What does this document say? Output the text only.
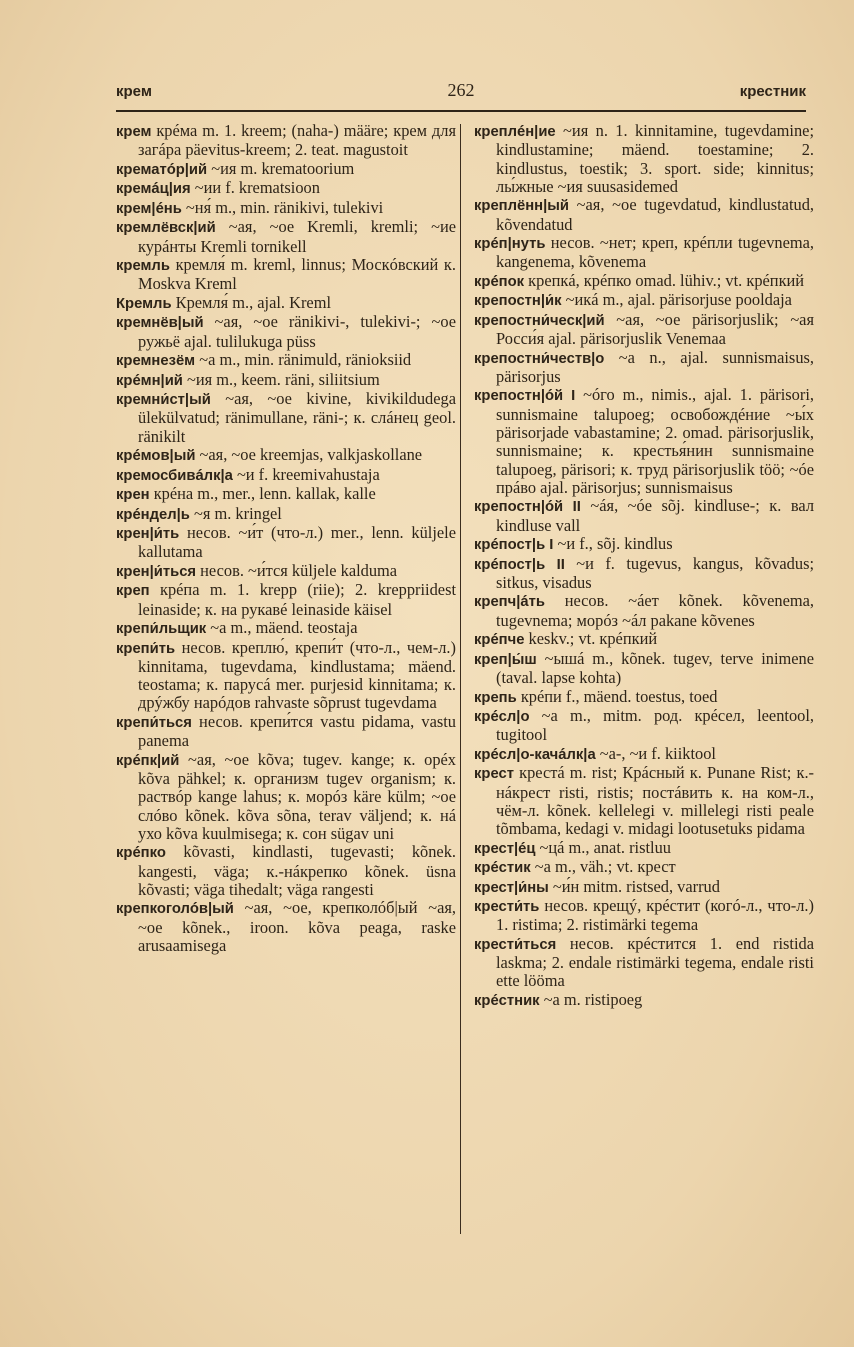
крем	262	крестник
крем крéма m. 1. kreem; (naha-) määre; крем для загáра päevitus-kreem; 2. teat. magustoit
крематóр|ий ~ия m. krematoorium
кремáц|ия ~ии f. krematsioon
крем|éнь ~ня́ m., min. ränikivi, tulekivi
кремлёвск|ий ~ая, ~ое Kremli, kremli; ~ие курáнты Kremli tornikell
кремль кремля́ m. kreml, linnus; Москóвский к. Moskva Kreml
Кремль Кремля́ m., ajal. Kreml
кремнёв|ый ~ая, ~ое ränikivi-, tulekivi-; ~ое ружьё ajal. tulilukuga püss
кремнезём ~а m., min. ränimuld, ränioksiid
крéмн|ий ~ия m., keem. räni, siliitsium
кремни́ст|ый ~ая, ~ое kivine, kivikildudega ülekülvatud; ränimullane, räni-; к. слáнец geol. ränikilt
крéмов|ый ~ая, ~ое kreemjas, valkjaskollane
кремосбивáлк|а ~и f. kreemivahustaja
крен крéна m., mer., lenn. kallak, kalle
крéндел|ь ~я m. kringel
крен|и́ть несов. ~и́т (что-л.) mer., lenn. küljele kallutama
крен|и́ться несов. ~и́тся küljele kalduma
креп крéпа m. 1. krepp (riie); 2. kreppriidest leinaside; к. на рукавé leinaside käisel
крепи́льщик ~а m., mäend. teostaja
крепи́ть несов. креплю́, крепи́т (что-л., чем-л.) kinnitama, tugevdama, kindlustama; mäend. teostama; к. парусá mer. purjesid kinnitama; к. дрýжбу нарóдов rahvaste sõprust tugevdama
крепи́ться несов. крепи́тся vastu pidama, vastu panema
крéпк|ий ~ая, ~ое kõva; tugev. kange; к. орéх kõva pähkel; к. организм tugev organism; к. раствóр kange lahus; к. морóз käre külm; ~ое слóво kõnek. kõva sõna, terav väljend; к. нá ухо kõva kuulmisega; к. сон sügav uni
крéпко kõvasti, kindlasti, tugevasti; kõnek. kangesti, väga; к.-нáкрепко kõnek. üsna kõvasti; väga tihedalt; väga rangesti
крепкоголóв|ый ~ая, ~ое, крепколóб|ый ~ая, ~ое kõnek., iroon. kõva peaga, raske arusaamisega
креплéн|ие ~ия n. 1. kinnitamine, tugevdamine; kindlustamine; mäend. toestamine; 2. kindlustus, toestik; 3. sport. side; kinnitus; лы́жные ~ия suusasidemed
креплённ|ый ~ая, ~ое tugevdatud, kindlustatud, kõvendatud
крéп|нуть несов. ~нет; креп, крéпли tugevnema, kangenema, kõvenema
крéпок крепкá, крéпко omad. lühiv.; vt. крéпкий
крепостн|и́к ~икá m., ajal. pärisorjuse pooldaja
крепостни́ческ|ий ~ая, ~ое pärisorjuslik; ~ая Росси́я ajal. pärisorjuslik Venemaa
крепостни́честв|о ~а n., ajal. sunnismaisus, pärisorjus
крепостн|óй I ~óго m., nimis., ajal. 1. pärisori, sunnismaine talupoeg; освобождéние ~ы́х pärisorjade vabastamine; 2. omad. pärisorjuslik, sunnismaine; к. крестья́нин sunnismaine talupoeg, pärisori; к. труд pärisorjuslik töö; ~óе прáво ajal. pärisorjus; sunnismaisus
крепостн|óй II ~áя, ~óе sõj. kindluse-; к. вал kindluse vall
крéпост|ь I ~и f., sõj. kindlus
крéпост|ь II ~и f. tugevus, kangus, kõvadus; sitkus, visadus
крепч|áть несов. ~áет kõnek. kõvenema, tugevnema; морóз ~áл pakane kõvenes
крéпче keskv.; vt. крéпкий
креп|ы́ш ~ышá m., kõnek. tugev, terve inimene (taval. lapse kohta)
крепь крéпи f., mäend. toestus, toed
крéсл|о ~а m., mitm. род. крéсел, leentool, tugitool
крéсл|о-качáлк|а ~а-, ~и f. kiiktool
крест крестá m. rist; Крáсный к. Punane Rist; к.-нáкрест risti, ristis; постáвить к. на ком-л., чём-л. kõnek. kellelegi v. millelegi risti peale tõmbama, kedagi v. midagi lootusetuks pidama
крест|éц ~цá m., anat. ristluu
крéстик ~а m., väh.; vt. крест
крест|и́ны ~и́н mitm. ristsed, varrud
крести́ть несов. крещý, крéстит (когó-л., что-л.) 1. ristima; 2. ristimärki tegema
крести́ться несов. крéстится 1. end ristida laskma; 2. endale ristimärki tegema, endale risti ette lööma
крéстник ~а m. ristipoeg
